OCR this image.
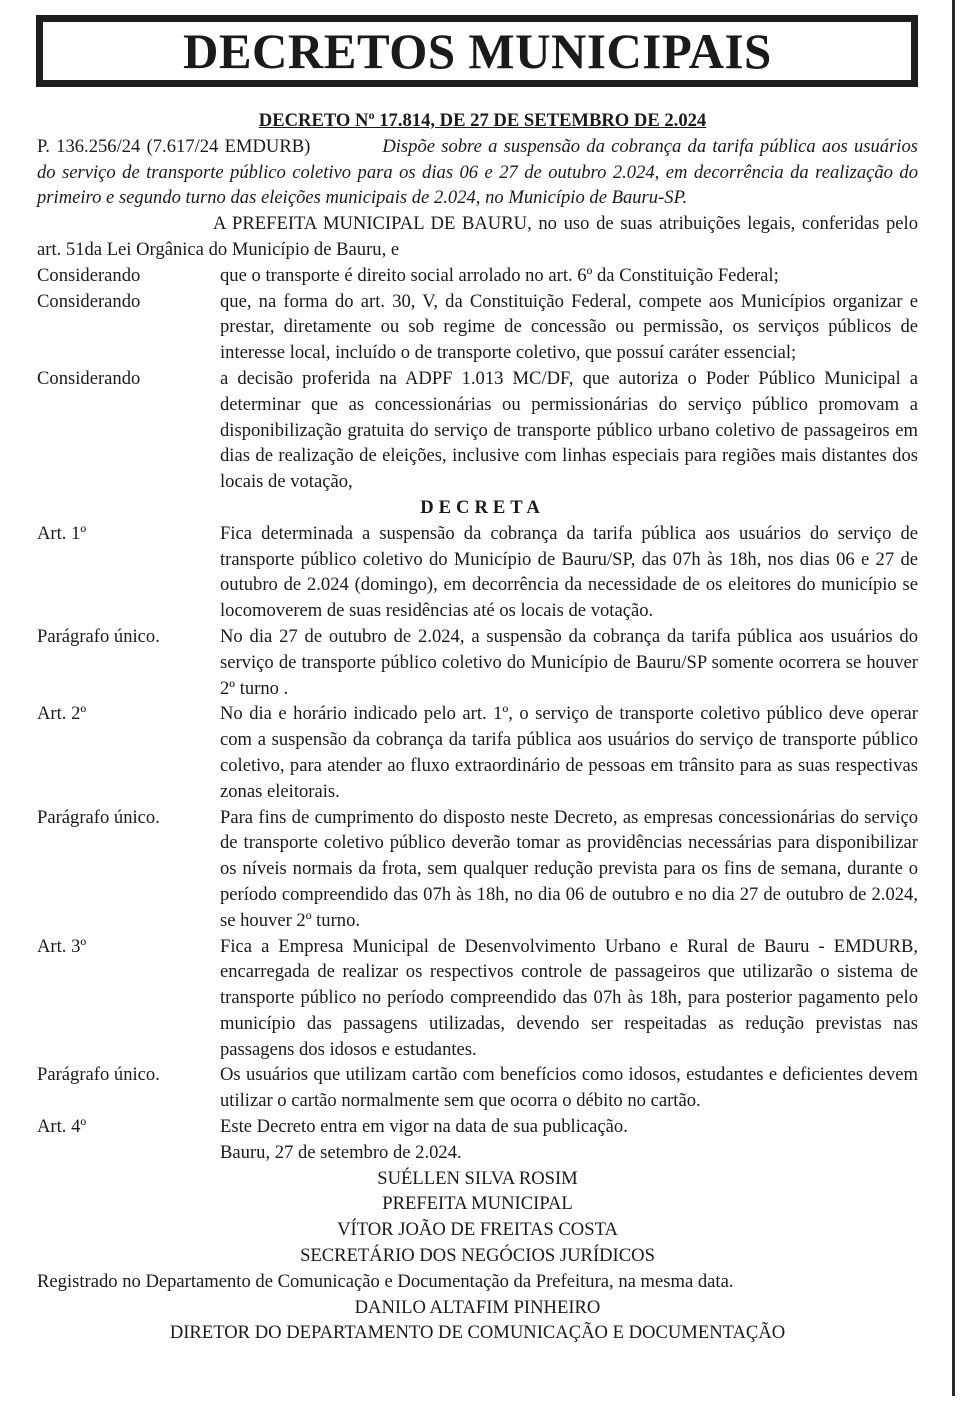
DECRETOS MUNICIPAIS
DECRETO Nº 17.814, DE 27 DE SETEMBRO DE 2.024
P. 136.256/24 (7.617/24 EMDURB)	Dispõe sobre a suspensão da cobrança da tarifa pública aos usuários do serviço de transporte público coletivo para os dias 06 e 27 de outubro 2.024, em decorrência da realização do primeiro e segundo turno das eleições municipais de 2.024, no Município de Bauru-SP.
A PREFEITA MUNICIPAL DE BAURU, no uso de suas atribuições legais, conferidas pelo art. 51da Lei Orgânica do Município de Bauru, e
Considerando	que o transporte é direito social arrolado no art. 6º da Constituição Federal;
Considerando	que, na forma do art. 30, V, da Constituição Federal, compete aos Municípios organizar e prestar, diretamente ou sob regime de concessão ou permissão, os serviços públicos de interesse local, incluído o de transporte coletivo, que possuí caráter essencial;
Considerando	a decisão proferida na ADPF 1.013 MC/DF, que autoriza o Poder Público Municipal a determinar que as concessionárias ou permissionárias do serviço público promovam a disponibilização gratuita do serviço de transporte público urbano coletivo de passageiros em dias de realização de eleições, inclusive com linhas especiais para regiões mais distantes dos locais de votação,
DECRETA
Art. 1º	Fica determinada a suspensão da cobrança da tarifa pública aos usuários do serviço de transporte público coletivo do Município de Bauru/SP, das 07h às 18h, nos dias 06 e 27 de outubro de 2.024 (domingo), em decorrência da necessidade de os eleitores do município se locomoverem de suas residências até os locais de votação.
Parágrafo único.	No dia 27 de outubro de 2.024, a suspensão da cobrança da tarifa pública aos usuários do serviço de transporte público coletivo do Município de Bauru/SP somente ocorrera se houver 2º turno .
Art. 2º	No dia e horário indicado pelo art. 1º, o serviço de transporte coletivo público deve operar com a suspensão da cobrança da tarifa pública aos usuários do serviço de transporte público coletivo, para atender ao fluxo extraordinário de pessoas em trânsito para as suas respectivas zonas eleitorais.
Parágrafo único.	Para fins de cumprimento do disposto neste Decreto, as empresas concessionárias do serviço de transporte coletivo público deverão tomar as providências necessárias para disponibilizar os níveis normais da frota, sem qualquer redução prevista para os fins de semana, durante o período compreendido das 07h às 18h, no dia 06 de outubro e no dia 27 de outubro de 2.024, se houver 2º turno.
Art. 3º	Fica a Empresa Municipal de Desenvolvimento Urbano e Rural de Bauru - EMDURB, encarregada de realizar os respectivos controle de passageiros que utilizarão o sistema de transporte público no período compreendido das 07h às 18h, para posterior pagamento pelo município das passagens utilizadas, devendo ser respeitadas as redução previstas nas passagens dos idosos e estudantes.
Parágrafo único.	Os usuários que utilizam cartão com benefícios como idosos, estudantes e deficientes devem utilizar o cartão normalmente sem que ocorra o débito no cartão.
Art. 4º	Este Decreto entra em vigor na data de sua publicação.
Bauru, 27 de setembro de 2.024.
SUÉLLEN SILVA ROSIM
PREFEITA MUNICIPAL
VÍTOR JOÃO DE FREITAS COSTA
SECRETÁRIO DOS NEGÓCIOS JURÍDICOS
Registrado no Departamento de Comunicação e Documentação da Prefeitura, na mesma data.
DANILO ALTAFIM PINHEIRO
DIRETOR DO DEPARTAMENTO DE COMUNICAÇÃO E DOCUMENTAÇÃO
